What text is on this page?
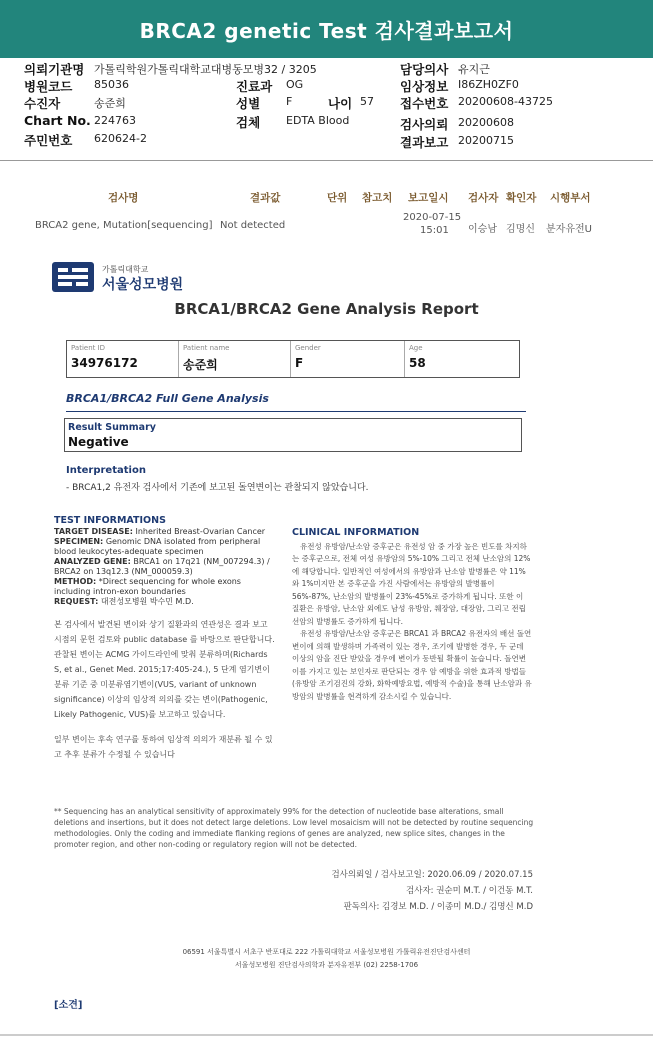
BRCA2 genetic Test 검사결과보고서
의뢰기관명 가톨릭학원가톨릭대학교대병동모병32 / 3205
병원코드 85036
수진자	송준희
Chart No. 224763
주민번호 620624-2
진료과 OG
성별 F	나이 57
검체 EDTA Blood
담당의사 유지근
임상정보 I86ZH0ZF0
접수번호 20200608-43725
검사의뢰 20200608
결과보고 20200715
검사명	결과값	단위 참고치 보고일시 검사자 확인자 시행부서
BRCA2 gene, Mutation[sequencing] Not detected
2020-07-15
15:01 이승남 김명신 분자유전U
가톨릭대학교
서울성모병원
BRCA1/BRCA2 Gene Analysis Report
Patient ID
34976172
Patient name
송준희
Gender
F
Age
58
BRCA1/BRCA2 Full Gene Analysis
Result Summary
Negative
Interpretation
- BRCA1,2 유전자 검사에서 기존에 보고된 돌연변이는 관찰되지 않았습니다.
TEST INFORMATIONS

TARGET DISEASE: Inherited Breast-Ovarian Cancer

SPECIMEN: Genomic DNA isolated from peripheral blood leukocytes-adequate specimen

ANALYZED GENE: BRCA1 on 17q21 (NM_007294.3) / BRCA2 on 13q12.3 (NM_000059.3)

METHOD: *Direct sequencing for whole exons including intron-exon boundaries

REQUEST: 대전성모병원 박수민 M.D.

본 검사에서 발견된 변이와 상기 질환과의 연관성은 결과 보고 시점의 문헌 검토와 public database 를 바탕으로 판단합니다. 관찰된 변이는 ACMG 가이드라인에 맞춰 분류하며(Richards S, et al., Genet Med. 2015;17:405-24.), 5 단계 염기변이 분류 기준 중 미분류염기변이(VUS, variant of unknown significance) 이상의 임상적 의의를 갖는 변이(Pathogenic, Likely Pathogenic, VUS)를 보고하고 있습니다.

일부 변이는 후속 연구를 통하여 임상적 의의가 재분류 될 수 있고 추후 분류가 수정될 수 있습니다

CLINICAL INFORMATION

유전성 유방암/난소암 증후군은 유전성 암 중 가장 높은 빈도를 차지하는 증후군으로, 전체 여성 유방암의 5%-10% 그리고 전체 난소암의 12%에 해당합니다. 일반적인 여성에서의 유방암과 난소암 발병률은 약 11% 와 1%미지만 본 증후군을 가진 사람에서는 유방암의 발병률이 56%-87%, 난소암의 발병률이 23%-45%로 증가하게 됩니다. 또한 이 질환은 유방암, 난소암 외에도 남성 유방암, 췌장암, 대장암, 그리고 전립선암의 발병률도 증가하게 됩니다.

유전성 유방암/난소암 증후군은 BRCA1 과 BRCA2 유전자의 배선 돌연변이에 의해 발생하며 가족력이 있는 경우, 조기에 발병한 경우, 두 군데 이상의 암을 진단 받았을 경우에 변이가 동반될 확률이 높습니다. 돌연변이를 가지고 있는 보인자로 판단되는 경우 암 예방을 위한 효과적 방법들(유방암 조기검진의 강화, 화학예방요법, 예방적 수술)을 통해 난소암과 유방암의 발병률을 현격하게 감소시킬 수 있습니다.

** Sequencing has an analytical sensitivity of approximately 99% for the detection of nucleotide base alterations, small deletions and insertions, but it does not detect large deletions. Low level mosaicism will not be detected by routine sequencing methodologies. Only the coding and immediate flanking regions of genes are analyzed, new splice sites, changes in the promoter region, and other non-coding or regulatory region will not be detected.
검사의뢰일 / 검사보고일: 2020.06.09 / 2020.07.15
검사자: 권순미 M.T. / 이건동 M.T.
판독의사: 김경보 M.D. / 이종미 M.D./ 김명신 M.D
06591 서울특별시 서초구 반포대로 222 가톨릭대학교 서울성모병원 가톨릭유전진단검사센터
서울성모병원 진단검사의학과 분자유전부 (02) 2258-1706
[소견]
